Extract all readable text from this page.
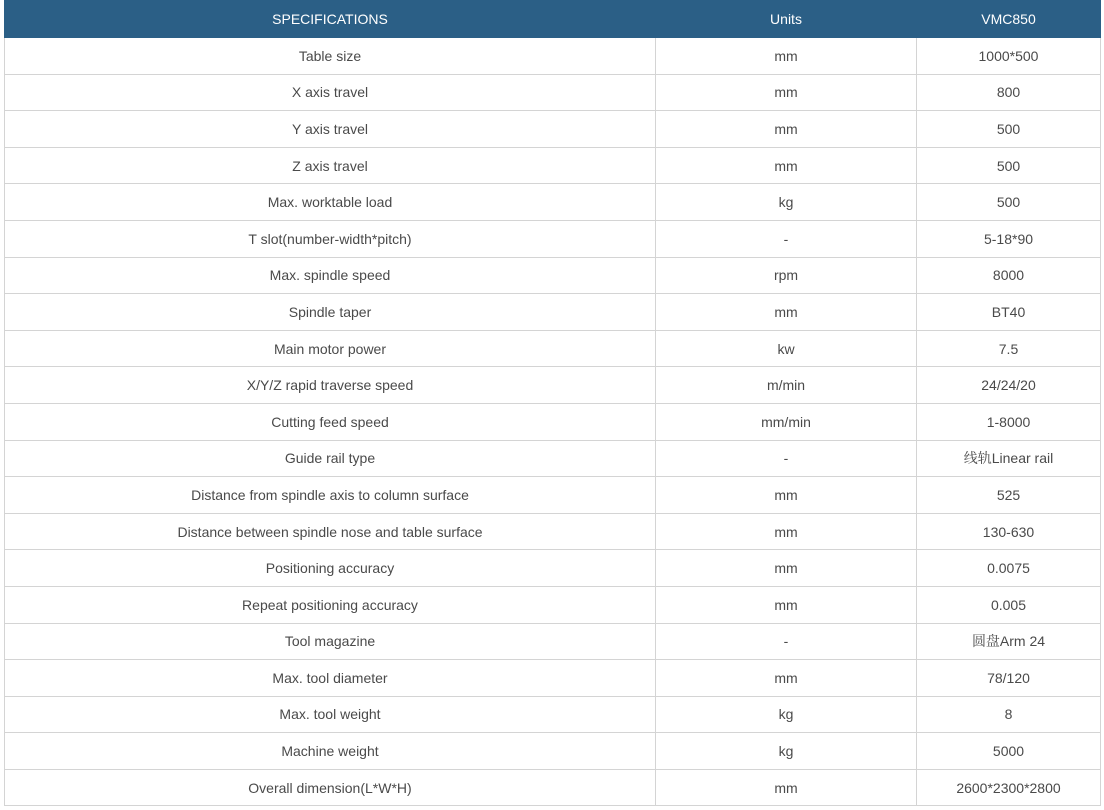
SPECIFICATIONS	Units	VMC850
Table size	mm	1000*500
X axis travel	mm	800
Y axis travel	mm	500
Z axis travel	mm	500
Max. worktable load	kg	500
T slot(number-width*pitch)	-	5-18*90
Max. spindle speed	rpm	8000
Spindle taper	mm	BT40
Main motor power	kw	7.5
X/Y/Z rapid traverse speed	m/min	24/24/20
Cutting feed speed	mm/min	1-8000
Guide rail type	-	线轨Linear rail
Distance from spindle axis to column surface	mm	525
Distance between spindle nose and table surface	mm	130-630
Positioning accuracy	mm	0.0075
Repeat positioning accuracy	mm	0.005
Tool magazine	-	圆盘Arm 24
Max. tool diameter	mm	78/120
Max. tool weight	kg	8
Machine weight	kg	5000
Overall dimension(L*W*H)	mm	2600*2300*2800
